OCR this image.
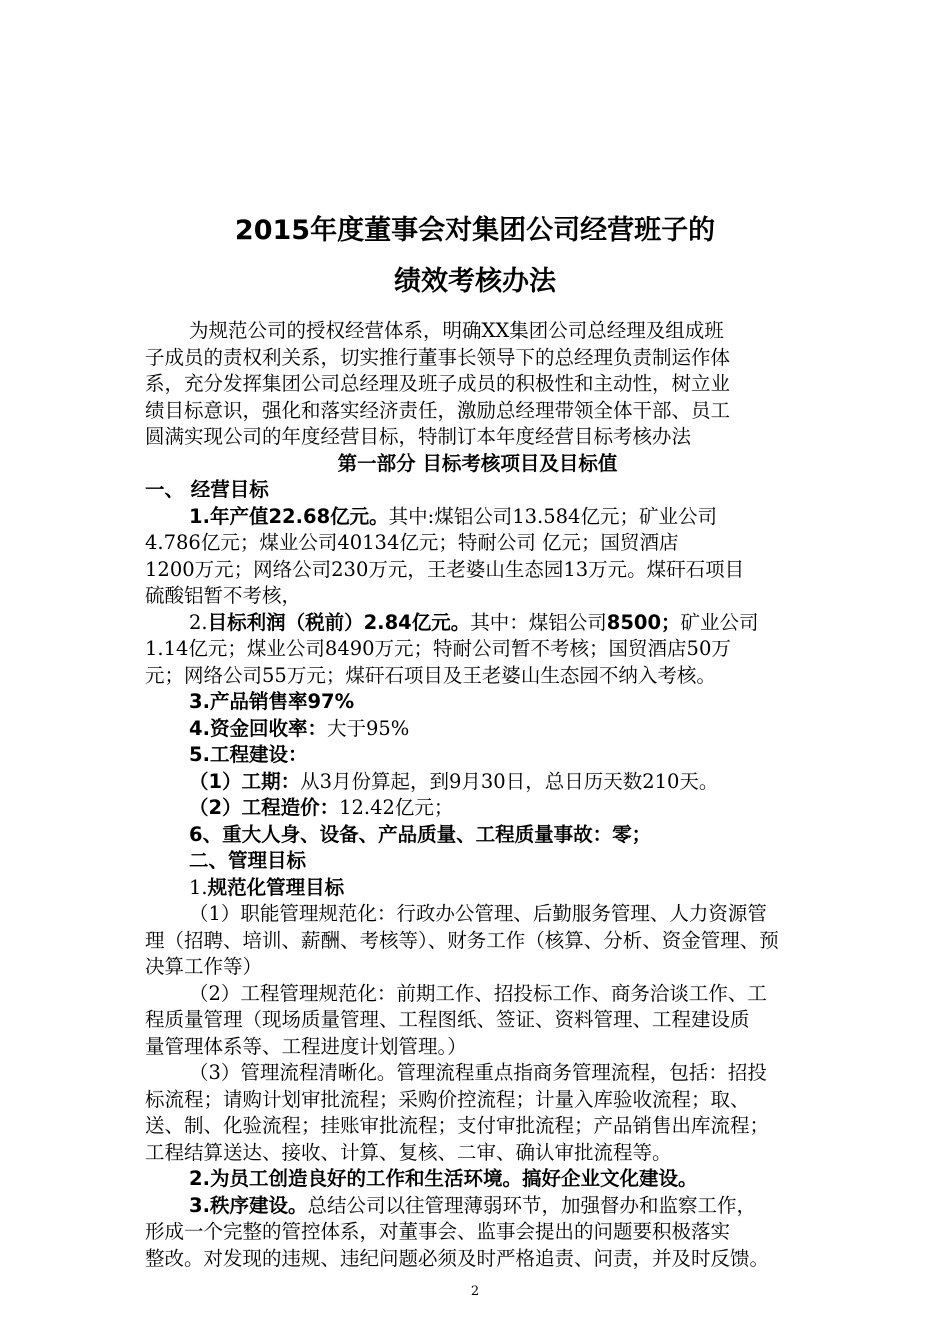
2015年度董事会对集团公司经营班子的
绩效考核办法

为规范公司的授权经营体系，明确XX集团公司总经理及组成班

子成员的责权利关系，切实推行董事长领导下的总经理负责制运作体

系，充分发挥集团公司总经理及班子成员的积极性和主动性，树立业

绩目标意识，强化和落实经济责任，激励总经理带领全体干部、员工

圆满实现公司的年度经营目标，特制订本年度经营目标考核办法

第一部分 目标考核项目及目标值

一、 经营目标

1.年产值22.68亿元。其中:煤铝公司13.584亿元；矿业公司

4.786亿元；煤业公司40134亿元；特耐公司 亿元；国贸酒店

1200万元；网络公司230万元，王老婆山生态园13万元。煤矸石项目

硫酸铝暂不考核，

2.目标利润（税前）2.84亿元。其中：煤铝公司8500；矿业公司

1.14亿元；煤业公司8490万元；特耐公司暂不考核；国贸酒店50万

元；网络公司55万元；煤矸石项目及王老婆山生态园不纳入考核。

3.产品销售率97%

4.资金回收率：大于95%

5.工程建设：

（1）工期：从3月份算起，到9月30日，总日历天数210天。

（2）工程造价：12.42亿元；

6、重大人身、设备、产品质量、工程质量事故：零；

二、管理目标

1.规范化管理目标

（1）职能管理规范化：行政办公管理、后勤服务管理、人力资源管

理（招聘、培训、薪酬、考核等）、财务工作（核算、分析、资金管理、预

决算工作等）

（2）工程管理规范化：前期工作、招投标工作、商务洽谈工作、工

程质量管理（现场质量管理、工程图纸、签证、资料管理、工程建设质

量管理体系等、工程进度计划管理。）

（3）管理流程清晰化。管理流程重点指商务管理流程，包括：招投

标流程；请购计划审批流程；采购价控流程；计量入库验收流程；取、

送、制、化验流程；挂账审批流程；支付审批流程；产品销售出库流程；

工程结算送达、接收、计算、复核、二审、确认审批流程等。

2.为员工创造良好的工作和生活环境。搞好企业文化建设。

3.秩序建设。总结公司以往管理薄弱环节，加强督办和监察工作，

形成一个完整的管控体系，对董事会、监事会提出的问题要积极落实

整改。对发现的违规、违纪问题必须及时严格追责、问责，并及时反馈。

2
